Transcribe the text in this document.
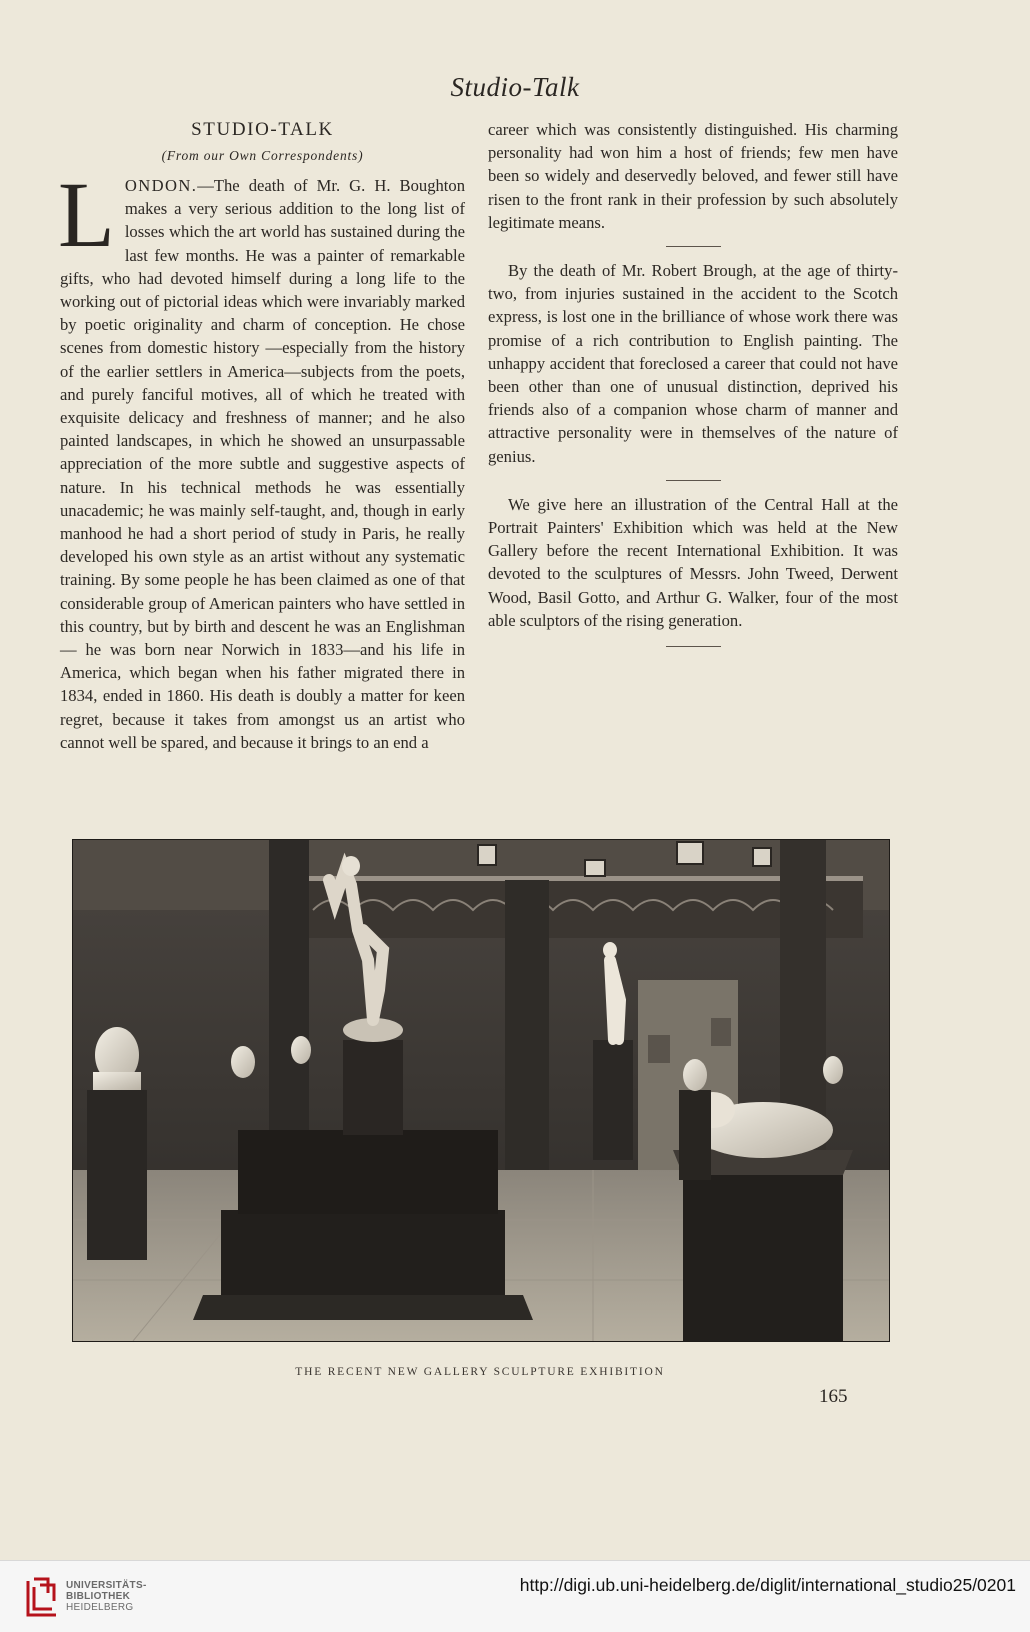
Studio-Talk
STUDIO-TALK
(From our Own Correspondents)

LONDON.—The death of Mr. G. H. Boughton makes a very serious addition to the long list of losses which the art world has sustained during the last few months. He was a painter of remarkable gifts, who had devoted himself during a long life to the working out of pictorial ideas which were invariably marked by poetic originality and charm of conception. He chose scenes from domestic history —especially from the history of the earlier settlers in America—subjects from the poets, and purely fanciful motives, all of which he treated with exquisite delicacy and freshness of manner; and he also painted landscapes, in which he showed an unsurpassable appreciation of the more subtle and suggestive aspects of nature. In his technical methods he was essentially unacademic; he was mainly self-taught, and, though in early manhood he had a short period of study in Paris, he really developed his own style as an artist without any systematic training. By some people he has been claimed as one of that considerable group of American painters who have settled in this country, but by birth and descent he was an Englishman— he was born near Norwich in 1833—and his life in America, which began when his father migrated there in 1834, ended in 1860. His death is doubly a matter for keen regret, because it takes from amongst us an artist who cannot well be spared, and because it brings to an end a

career which was consistently distinguished. His charming personality had won him a host of friends; few men have been so widely and deservedly beloved, and fewer still have risen to the front rank in their profession by such absolutely legitimate means.

By the death of Mr. Robert Brough, at the age of thirty-two, from injuries sustained in the accident to the Scotch express, is lost one in the brilliance of whose work there was promise of a rich contribution to English painting. The unhappy accident that foreclosed a career that could not have been other than one of unusual distinction, deprived his friends also of a companion whose charm of manner and attractive personality were in themselves of the nature of genius.

We give here an illustration of the Central Hall at the Portrait Painters' Exhibition which was held at the New Gallery before the recent International Exhibition. It was devoted to the sculptures of Messrs. John Tweed, Derwent Wood, Basil Gotto, and Arthur G. Walker, four of the most able sculptors of the rising generation.

THE RECENT NEW GALLERY SCULPTURE EXHIBITION
165
UNIVERSITÄTS-
BIBLIOTHEK
HEIDELBERG
http://digi.ub.uni-heidelberg.de/diglit/international_studio25/0201
